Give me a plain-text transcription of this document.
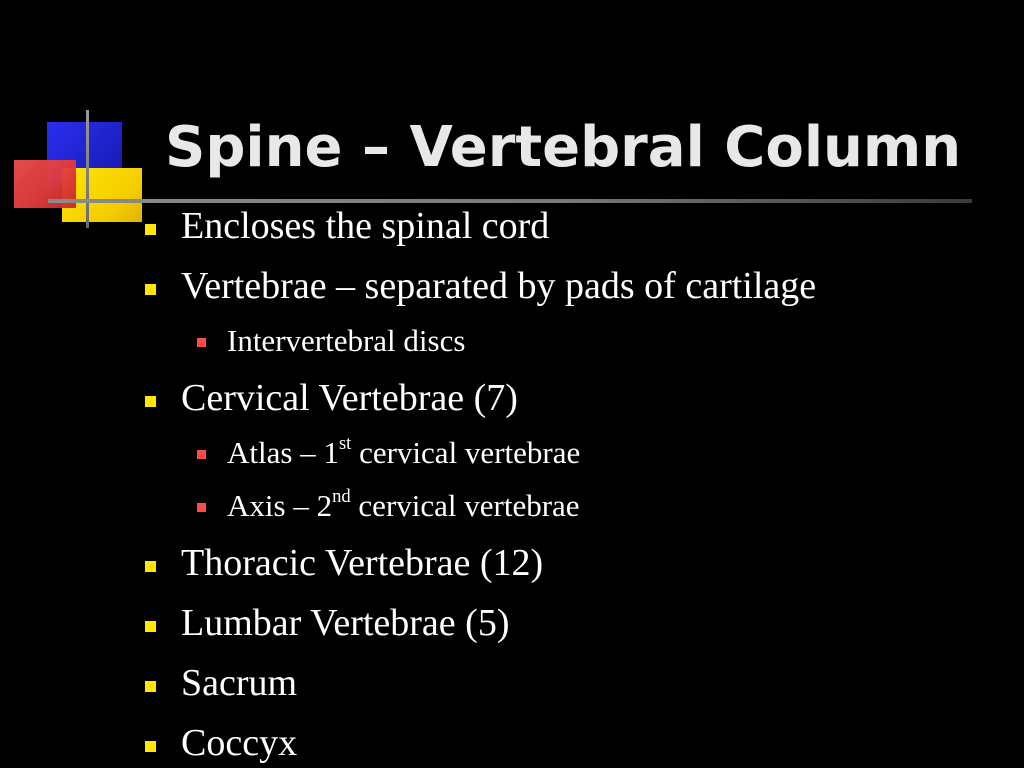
Spine – Vertebral Column
Encloses the spinal cord
Vertebrae – separated by pads of cartilage
Intervertebral discs
Cervical Vertebrae (7)
Atlas – 1st cervical vertebrae
Axis – 2nd cervical vertebrae
Thoracic Vertebrae (12)
Lumbar Vertebrae (5)
Sacrum
Coccyx
